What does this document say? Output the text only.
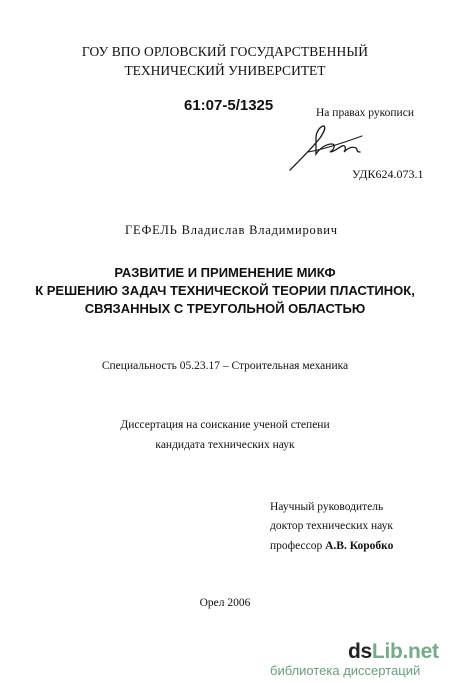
ГОУ ВПО ОРЛОВСКИЙ ГОСУДАРСТВЕННЫЙ
ТЕХНИЧЕСКИЙ УНИВЕРСИТЕТ
61:07-5/1325	На правах рукописи
УДК624.073.1
ГЕФЕЛЬ Владислав Владимирович
РАЗВИТИЕ И ПРИМЕНЕНИЕ МИКФ
К РЕШЕНИЮ ЗАДАЧ ТЕХНИЧЕСКОЙ ТЕОРИИ ПЛАСТИНОК,
СВЯЗАННЫХ С ТРЕУГОЛЬНОЙ ОБЛАСТЬЮ
Специальность 05.23.17 – Строительная механика
Диссертация на соискание ученой степени
кандидата технических наук
Научный руководитель
доктор технических наук
профессор А.В. Коробко
Орел 2006
dsLib.net
библиотека диссертаций
